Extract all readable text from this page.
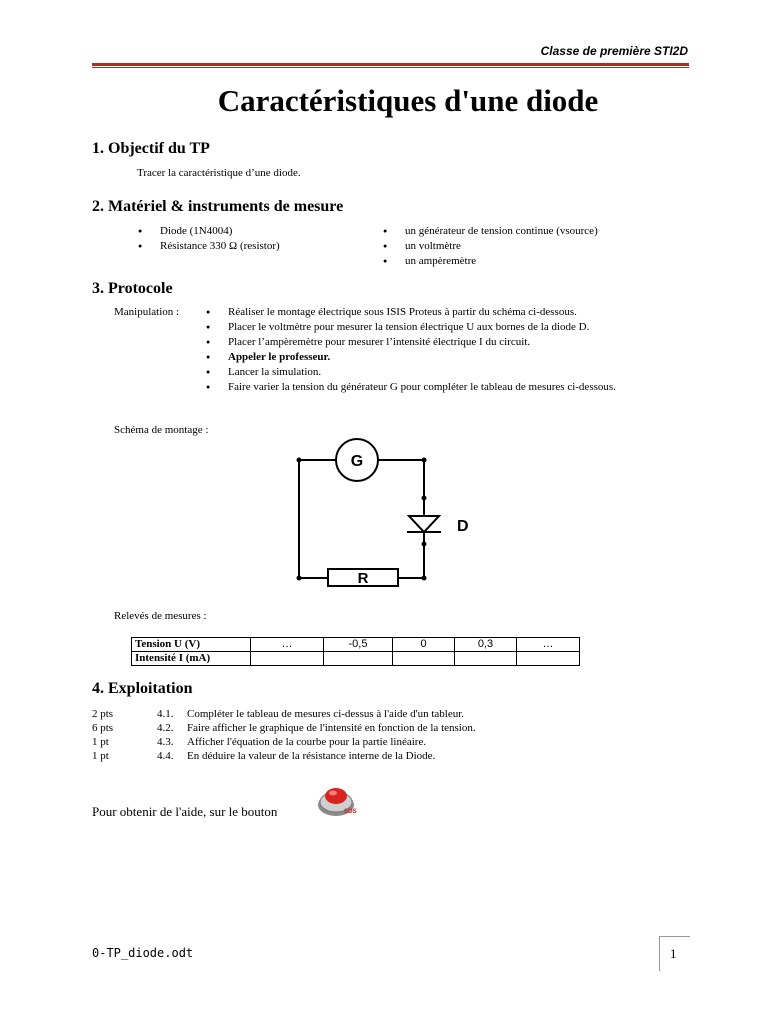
Classe de première STI2D
Caractéristiques d'une diode
1. Objectif du TP
Tracer la caractéristique d’une diode.
2. Matériel & instruments de mesure
● Diode (1N4004)
● Résistance 330 Ω (resistor)
● un générateur de tension continue (vsource)
● un voltmètre
● un ampèremètre
3. Protocole
Manipulation :	● Réaliser le montage électrique sous ISIS Proteus à partir du schéma ci-dessous.
● Placer le voltmètre pour mesurer la tension électrique U aux bornes de la diode D.
● Placer l’ampèremètre pour mesurer l’intensité électrique I du circuit.
● Appeler le professeur.
● Lancer la simulation.
● Faire varier la tension du générateur G pour compléter le tableau de mesures ci-dessous.
Schéma de montage :
G
R
D
Relevés de mesures :
Tension U (V)	…	-0,5	0	0,3	…
Intensité I (mA)					
4. Exploitation
2 pts	4.1. Compléter le tableau de mesures ci-dessus à l'aide d'un tableur.
6 pts	4.2. Faire afficher le graphique de l'intensité en fonction de la tension.
1 pt	4.3. Afficher l'équation de la courbe pour la partie linéaire.
1 pt	4.4. En déduire la valeur de la résistance interne de la Diode.
Pour obtenir de l'aide, sur le bouton	SOS
0-TP_diode.odt	1
